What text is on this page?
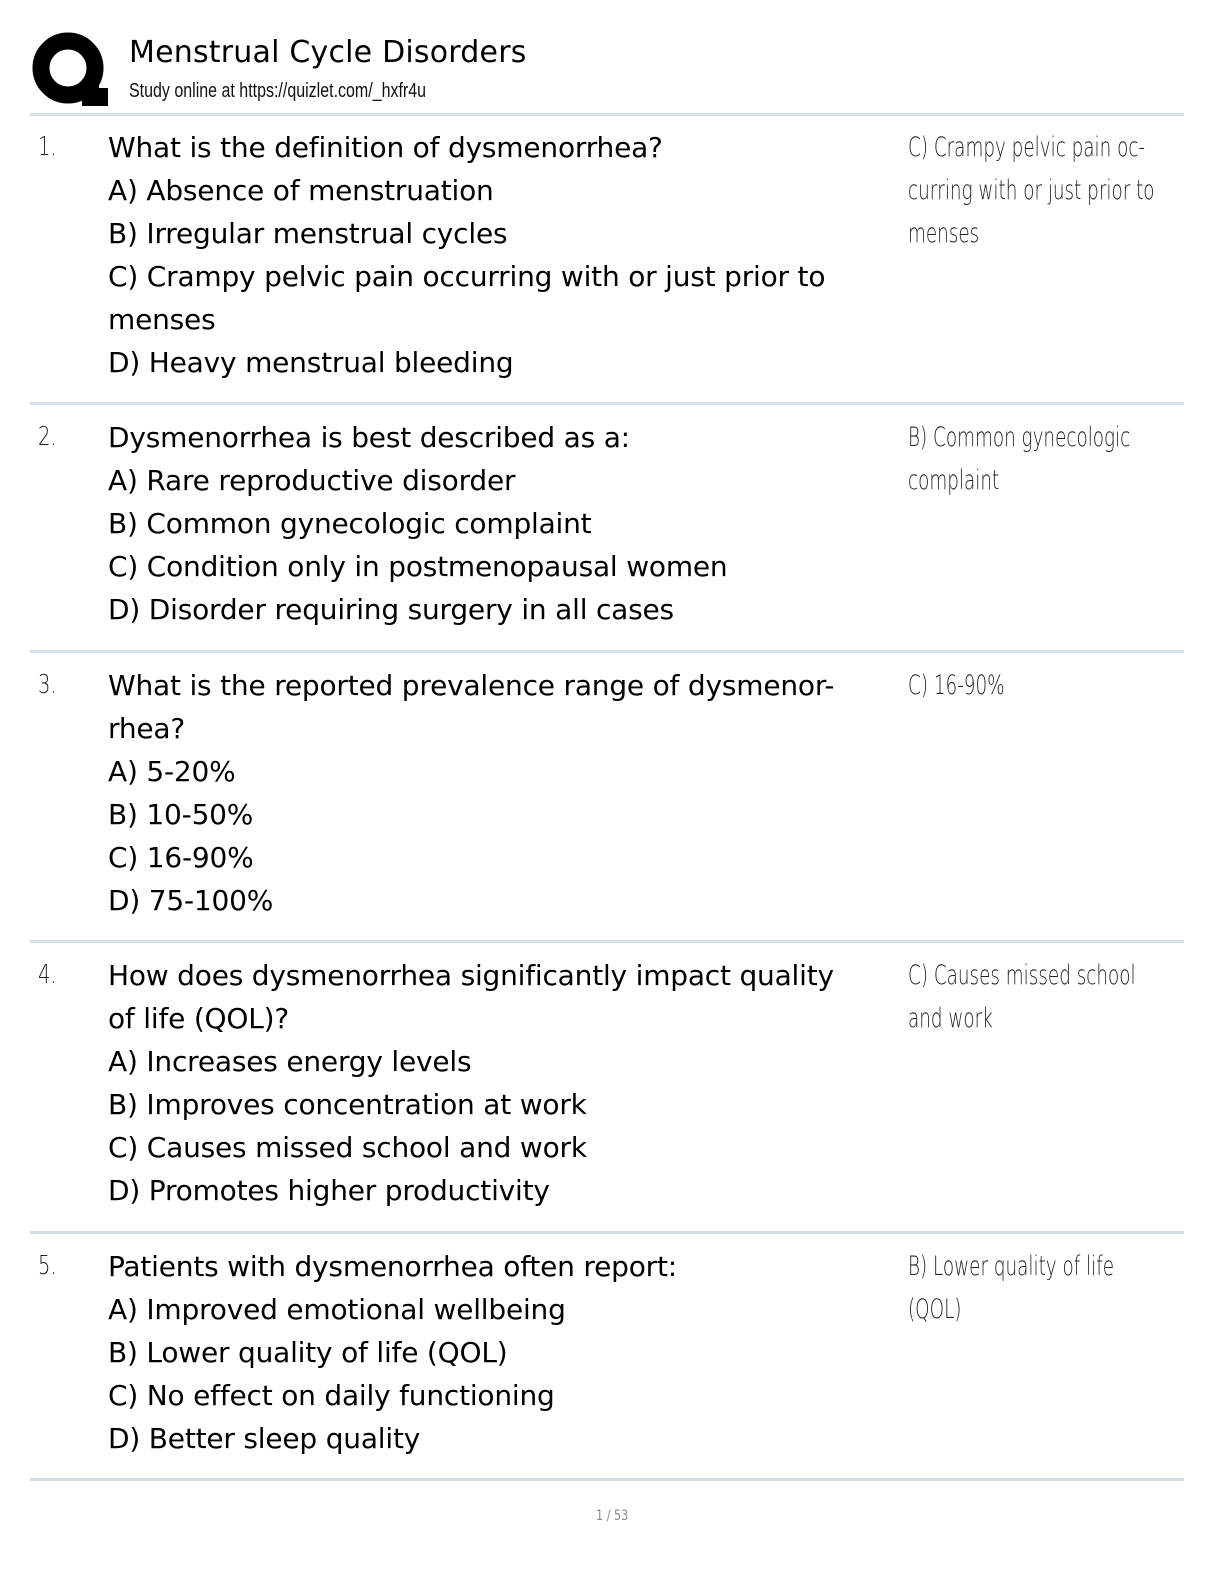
Menstrual Cycle Disorders
Study online at https://quizlet.com/_hxfr4u
1. What is the definition of dysmenorrhea?
A) Absence of menstruation
B) Irregular menstrual cycles
C) Crampy pelvic pain occurring with or just prior to
menses
D) Heavy menstrual bleeding
C) Crampy pelvic pain oc-
curring with or just prior to
menses
2. Dysmenorrhea is best described as a:
A) Rare reproductive disorder
B) Common gynecologic complaint
C) Condition only in postmenopausal women
D) Disorder requiring surgery in all cases
B) Common gynecologic
complaint
3. What is the reported prevalence range of dysmenor-
rhea?
A) 5-20%
B) 10-50%
C) 16-90%
D) 75-100%
C) 16-90%
4. How does dysmenorrhea significantly impact quality
of life (QOL)?
A) Increases energy levels
B) Improves concentration at work
C) Causes missed school and work
D) Promotes higher productivity
C) Causes missed school
and work
5. Patients with dysmenorrhea often report:
A) Improved emotional wellbeing
B) Lower quality of life (QOL)
C) No effect on daily functioning
D) Better sleep quality
B) Lower quality of life
(QOL)
1 / 53
